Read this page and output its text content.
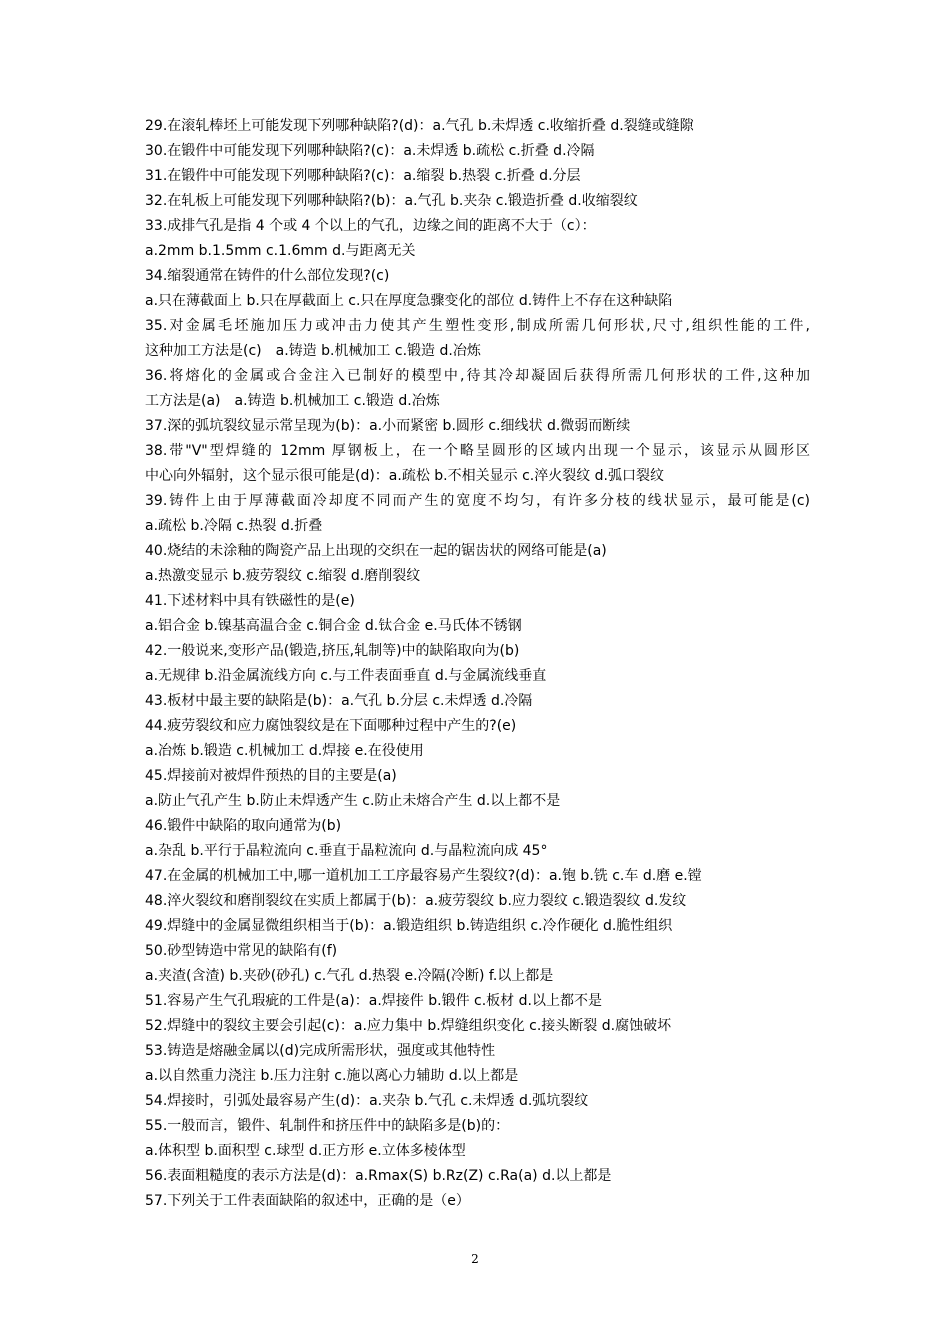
29.在滚轧棒坯上可能发现下列哪种缺陷?(d)：a.气孔 b.未焊透 c.收缩折叠 d.裂缝或缝隙
30.在锻件中可能发现下列哪种缺陷?(c)：a.未焊透 b.疏松 c.折叠 d.冷隔
31.在锻件中可能发现下列哪种缺陷?(c)：a.缩裂 b.热裂 c.折叠 d.分层
32.在轧板上可能发现下列哪种缺陷?(b)：a.气孔 b.夹杂 c.锻造折叠 d.收缩裂纹
33.成排气孔是指 4 个或 4 个以上的气孔，边缘之间的距离不大于（c）：
a.2mm b.1.5mm c.1.6mm d.与距离无关
34.缩裂通常在铸件的什么部位发现?(c)
a.只在薄截面上 b.只在厚截面上 c.只在厚度急骤变化的部位 d.铸件上不存在这种缺陷
35.对金属毛坯施加压力或冲击力使其产生塑性变形,制成所需几何形状,尺寸,组织性能的工件,
这种加工方法是(c)　a.铸造 b.机械加工 c.锻造 d.冶炼
36.将熔化的金属或合金注入已制好的模型中,待其冷却凝固后获得所需几何形状的工件,这种加
工方法是(a)　a.铸造 b.机械加工 c.锻造 d.冶炼
37.深的弧坑裂纹显示常呈现为(b)：a.小而紧密 b.圆形 c.细线状 d.微弱而断续
38.带"V"型焊缝的 12mm 厚钢板上，在一个略呈圆形的区域内出现一个显示，该显示从圆形区
中心向外辐射，这个显示很可能是(d)：a.疏松 b.不相关显示 c.淬火裂纹 d.弧口裂纹
39.铸件上由于厚薄截面冷却度不同而产生的宽度不均匀，有许多分枝的线状显示，最可能是(c)
a.疏松 b.冷隔 c.热裂 d.折叠
40.烧结的未涂釉的陶瓷产品上出现的交织在一起的锯齿状的网络可能是(a)
a.热激变显示 b.疲劳裂纹 c.缩裂 d.磨削裂纹
41.下述材料中具有铁磁性的是(e)
a.铝合金 b.镍基高温合金 c.铜合金 d.钛合金 e.马氏体不锈钢
42.一般说来,变形产品(锻造,挤压,轧制等)中的缺陷取向为(b)
a.无规律 b.沿金属流线方向 c.与工件表面垂直 d.与金属流线垂直
43.板材中最主要的缺陷是(b)：a.气孔 b.分层 c.未焊透 d.冷隔
44.疲劳裂纹和应力腐蚀裂纹是在下面哪种过程中产生的?(e)
a.冶炼 b.锻造 c.机械加工 d.焊接 e.在役使用
45.焊接前对被焊件预热的目的主要是(a)
a.防止气孔产生 b.防止未焊透产生 c.防止未熔合产生 d.以上都不是
46.锻件中缺陷的取向通常为(b)
a.杂乱 b.平行于晶粒流向 c.垂直于晶粒流向 d.与晶粒流向成 45°
47.在金属的机械加工中,哪一道机加工工序最容易产生裂纹?(d)：a.铇 b.铣 c.车 d.磨 e.镗
48.淬火裂纹和磨削裂纹在实质上都属于(b)：a.疲劳裂纹 b.应力裂纹 c.锻造裂纹 d.发纹
49.焊缝中的金属显微组织相当于(b)：a.锻造组织 b.铸造组织 c.冷作硬化 d.脆性组织
50.砂型铸造中常见的缺陷有(f)
a.夹渣(含渣) b.夹砂(砂孔) c.气孔 d.热裂 e.冷隔(冷断) f.以上都是
51.容易产生气孔瑕疵的工件是(a)：a.焊接件 b.锻件 c.板材 d.以上都不是
52.焊缝中的裂纹主要会引起(c)：a.应力集中 b.焊缝组织变化 c.接头断裂 d.腐蚀破坏
53.铸造是熔融金属以(d)完成所需形状，强度或其他特性
a.以自然重力浇注 b.压力注射 c.施以离心力辅助 d.以上都是
54.焊接时，引弧处最容易产生(d)：a.夹杂 b.气孔 c.未焊透 d.弧坑裂纹
55.一般而言，锻件、轧制件和挤压件中的缺陷多是(b)的：
a.体积型 b.面积型 c.球型 d.正方形 e.立体多棱体型
56.表面粗糙度的表示方法是(d)：a.Rmax(S) b.Rz(Z) c.Ra(a) d.以上都是
57.下列关于工件表面缺陷的叙述中，正确的是（e）
2
